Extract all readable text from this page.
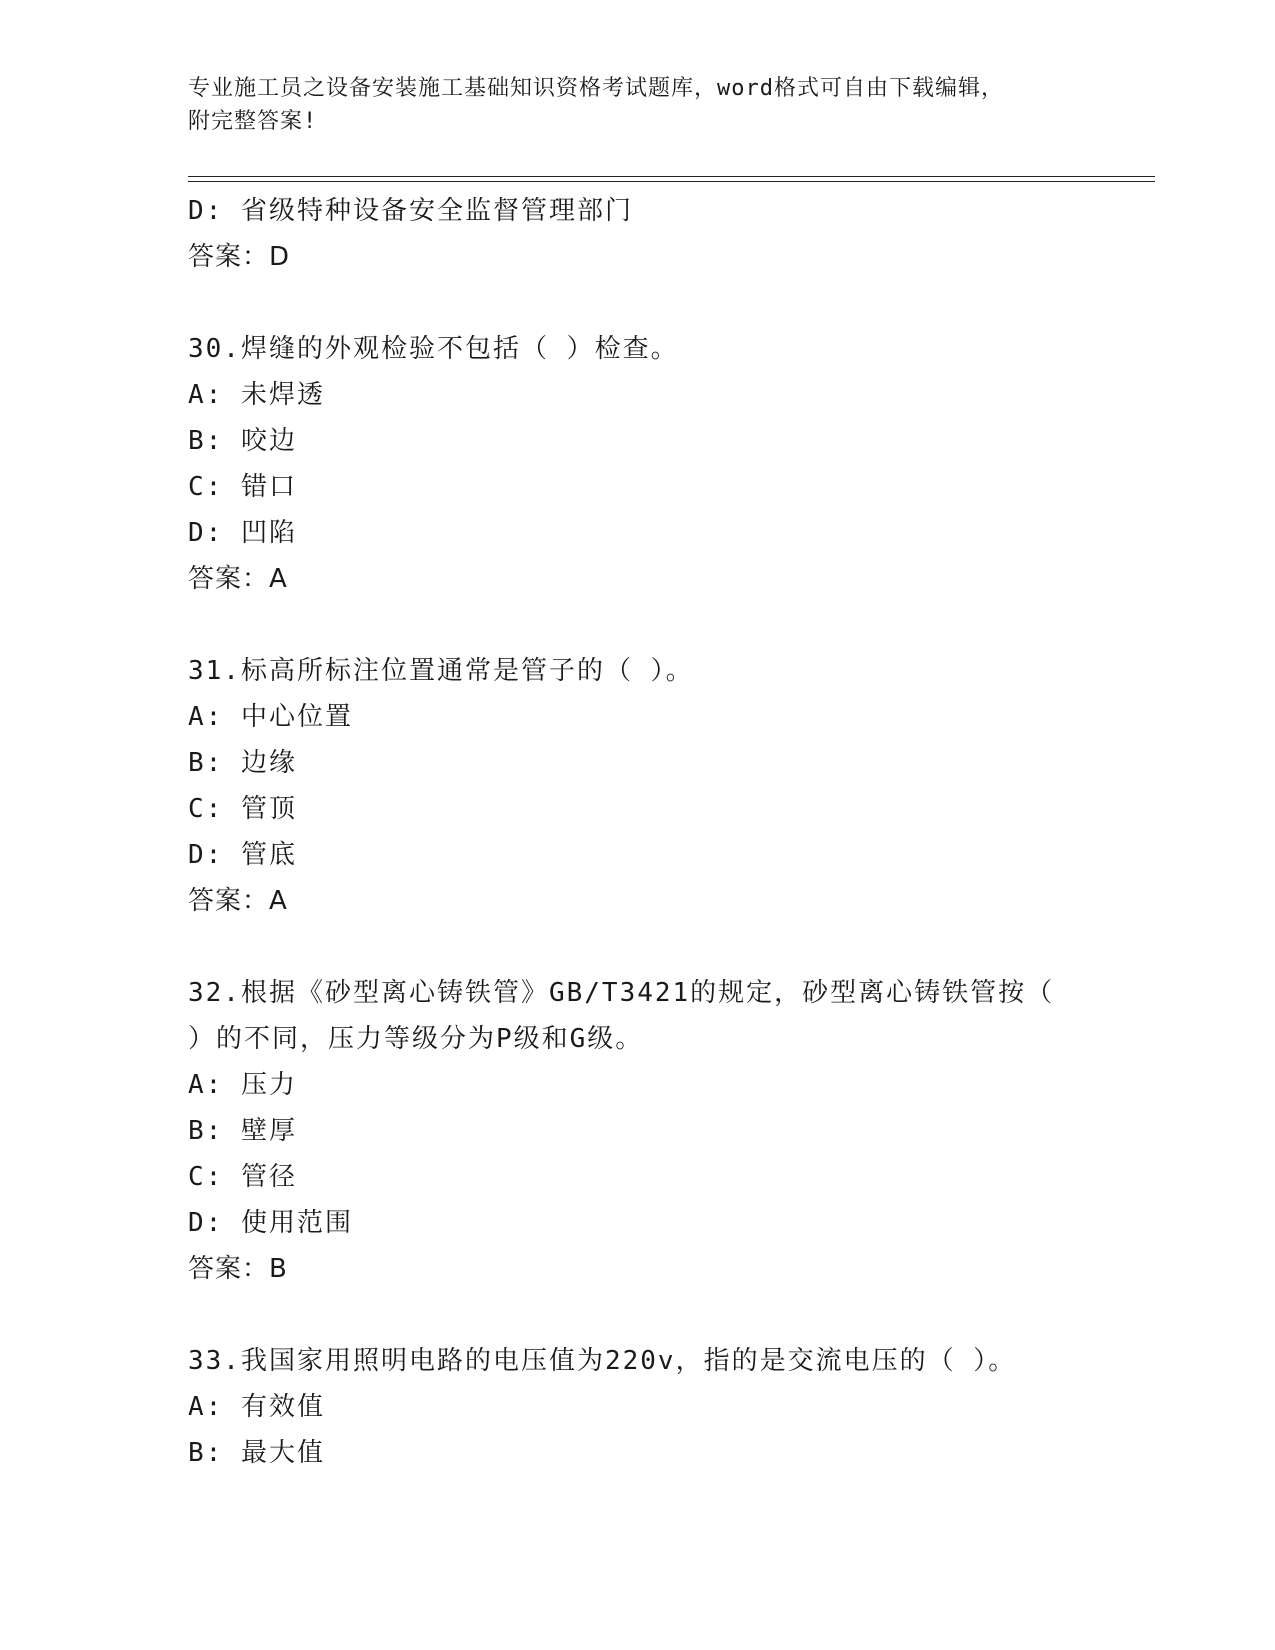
专业施工员之设备安装施工基础知识资格考试题库，word格式可自由下载编辑，
附完整答案!
D: 省级特种设备安全监督管理部门
答案：D
30.焊缝的外观检验不包括（ ）检查。
A: 未焊透
B: 咬边
C: 错口
D: 凹陷
答案：A
31.标高所标注位置通常是管子的（ ）。
A: 中心位置
B: 边缘
C: 管顶
D: 管底
答案：A
32.根据《砂型离心铸铁管》GB/T3421的规定，砂型离心铸铁管按（
）的不同，压力等级分为P级和G级。
A: 压力
B: 壁厚
C: 管径
D: 使用范围
答案：B
33.我国家用照明电路的电压值为220v，指的是交流电压的（ ）。
A: 有效值
B: 最大值
